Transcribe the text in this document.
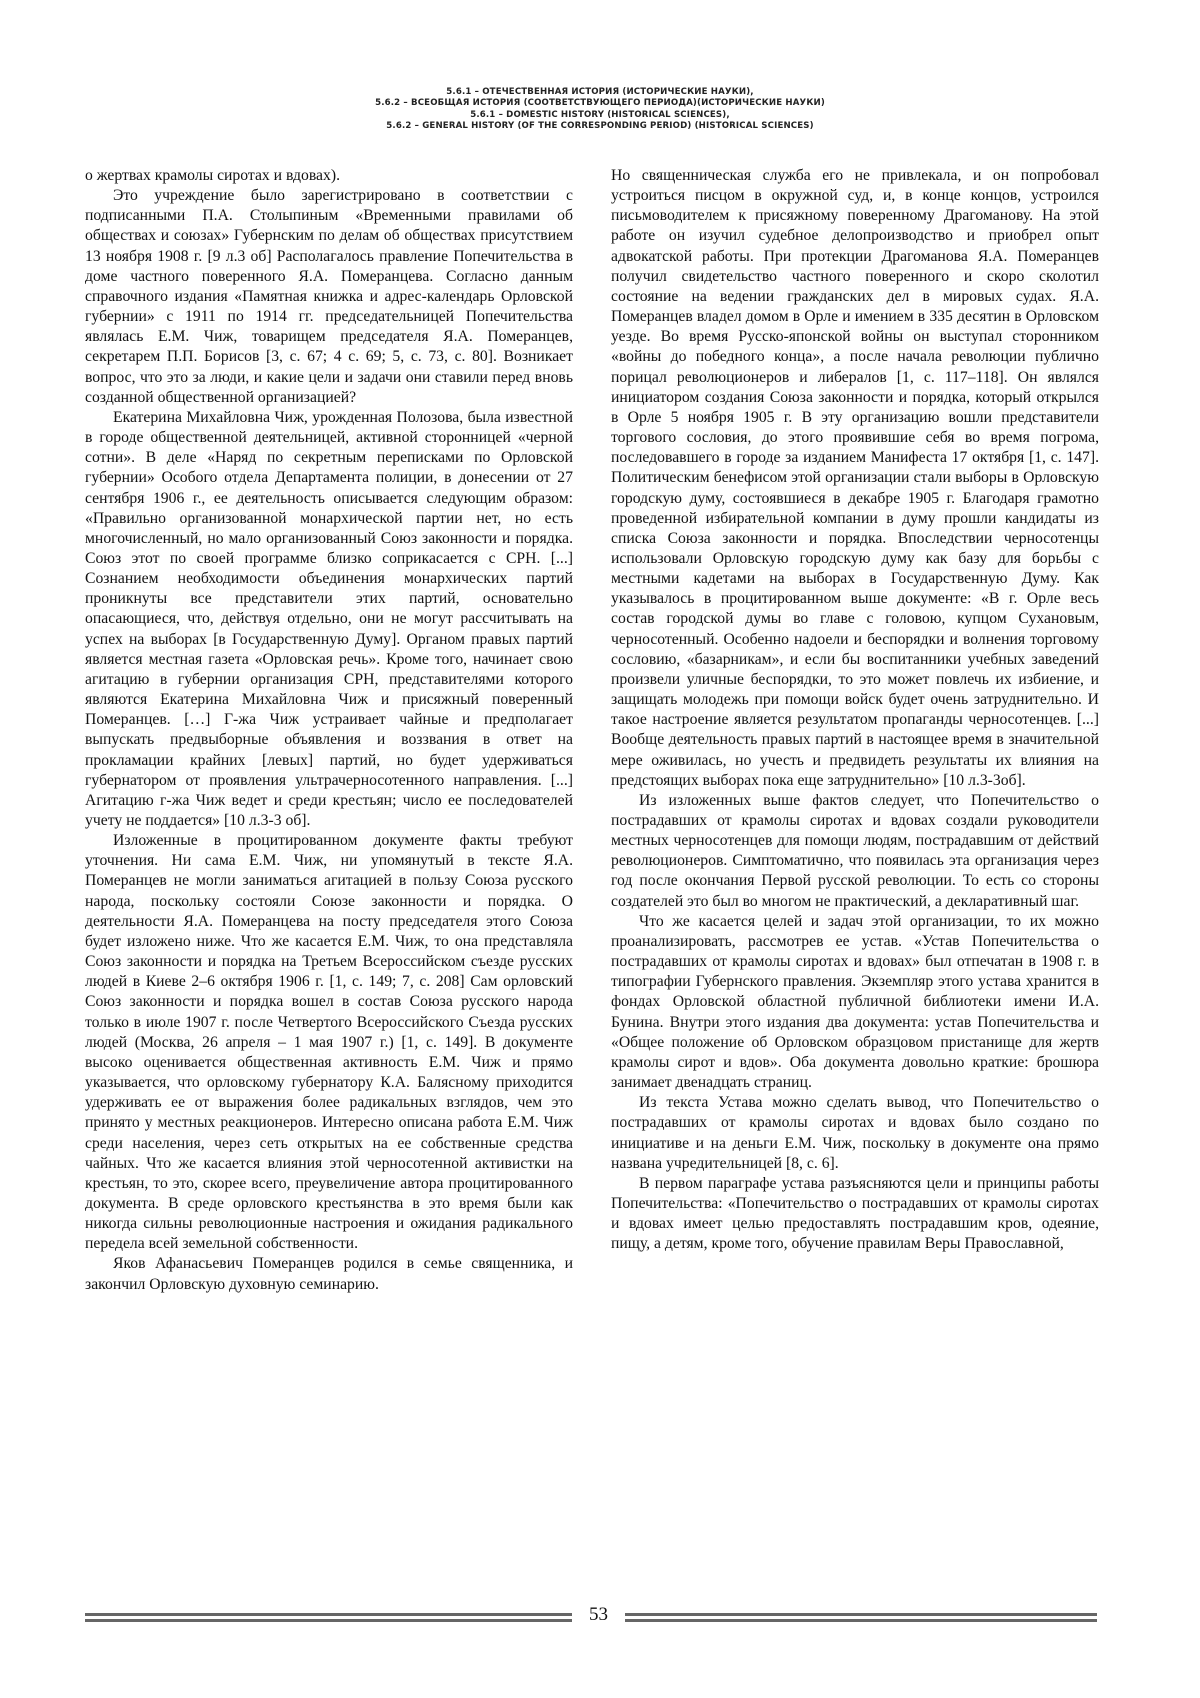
5.6.1 – ОТЕЧЕСТВЕННАЯ ИСТОРИЯ (ИСТОРИЧЕСКИЕ НАУКИ),
5.6.2 – ВСЕОБЩАЯ ИСТОРИЯ (СООТВЕТСТВУЮЩЕГО ПЕРИОДА)(ИСТОРИЧЕСКИЕ НАУКИ)
5.6.1 – DOMESTIC HISTORY (HISTORICAL SCIENCES),
5.6.2 – GENERAL HISTORY (OF THE CORRESPONDING PERIOD) (HISTORICAL SCIENCES)

о жертвах крамолы сиротах и вдовах).

Это учреждение было зарегистрировано в соответствии с подписанными П.А. Столыпиным «Временными правилами об обществах и союзах» Губернским по делам об обществах присутствием 13 ноября 1908 г. [9 л.3 об] Располагалось правление Попечительства в доме частного поверенного Я.А. Померанцева. Согласно данным справочного издания «Памятная книжка и адрес-календарь Орловской губернии» с 1911 по 1914 гг. председательницей Попечительства являлась Е.М. Чиж, товарищем председателя Я.А. Померанцев, секретарем П.П. Борисов [3, с. 67; 4 с. 69; 5, с. 73, с. 80]. Возникает вопрос, что это за люди, и какие цели и задачи они ставили перед вновь созданной общественной организацией?

Екатерина Михайловна Чиж, урожденная Полозова, была известной в городе общественной деятельницей, активной сторонницей «черной сотни». В деле «Наряд по секретным переписками по Орловской губернии» Особого отдела Департамента полиции, в донесении от 27 сентября 1906 г., ее деятельность описывается следующим образом: «Правильно организованной монархической партии нет, но есть многочисленный, но мало организованный Союз законности и порядка. Союз этот по своей программе близко соприкасается с СРН. [...] Сознанием необходимости объединения монархических партий проникнуты все представители этих партий, основательно опасающиеся, что, действуя отдельно, они не могут рассчитывать на успех на выборах [в Государственную Думу]. Органом правых партий является местная газета «Орловская речь». Кроме того, начинает свою агитацию в губернии организация СРН, представителями которого являются Екатерина Михайловна Чиж и присяжный поверенный Померанцев. […] Г-жа Чиж устраивает чайные и предполагает выпускать предвыборные объявления и воззвания в ответ на прокламации крайних [левых] партий, но будет удерживаться губернатором от проявления ультрачерносотенного направления. [...] Агитацию г-жа Чиж ведет и среди крестьян; число ее последователей учету не поддается» [10 л.3-3 об].

Изложенные в процитированном документе факты требуют уточнения. Ни сама Е.М. Чиж, ни упомянутый в тексте Я.А. Померанцев не могли заниматься агитацией в пользу Союза русского народа, поскольку состояли Союзе законности и порядка. О деятельности Я.А. Померанцева на посту председателя этого Союза будет изложено ниже. Что же касается Е.М. Чиж, то она представляла Союз законности и порядка на Третьем Всероссийском съезде русских людей в Киеве 2–6 октября 1906 г. [1, с. 149; 7, с. 208] Сам орловский Союз законности и порядка вошел в состав Союза русского народа только в июле 1907 г. после Четвертого Всероссийского Съезда русских людей (Москва, 26 апреля – 1 мая 1907 г.) [1, с. 149]. В документе высоко оценивается общественная активность Е.М. Чиж и прямо указывается, что орловскому губернатору К.А. Балясному приходится удерживать ее от выражения более радикальных взглядов, чем это принято у местных реакционеров. Интересно описана работа Е.М. Чиж среди населения, через сеть открытых на ее собственные средства чайных. Что же касается влияния этой черносотенной активистки на крестьян, то это, скорее всего, преувеличение автора процитированного документа. В среде орловского крестьянства в это время были как никогда сильны революционные настроения и ожидания радикального передела всей земельной собственности.

Яков Афанасьевич Померанцев родился в семье священника, и закончил Орловскую духовную семинарию.

Но священническая служба его не привлекала, и он попробовал устроиться писцом в окружной суд, и, в конце концов, устроился письмоводителем к присяжному поверенному Драгоманову. На этой работе он изучил судебное делопроизводство и приобрел опыт адвокатской работы. При протекции Драгоманова Я.А. Померанцев получил свидетельство частного поверенного и скоро сколотил состояние на ведении гражданских дел в мировых судах. Я.А. Померанцев владел домом в Орле и имением в 335 десятин в Орловском уезде. Во время Русско-японской войны он выступал сторонником «войны до победного конца», а после начала революции публично порицал революционеров и либералов [1, с. 117–118]. Он являлся инициатором создания Союза законности и порядка, который открылся в Орле 5 ноября 1905 г. В эту организацию вошли представители торгового сословия, до этого проявившие себя во время погрома, последовавшего в городе за изданием Манифеста 17 октября [1, с. 147]. Политическим бенефисом этой организации стали выборы в Орловскую городскую думу, состоявшиеся в декабре 1905 г. Благодаря грамотно проведенной избирательной компании в думу прошли кандидаты из списка Союза законности и порядка. Впоследствии черносотенцы использовали Орловскую городскую думу как базу для борьбы с местными кадетами на выборах в Государственную Думу. Как указывалось в процитированном выше документе: «В г. Орле весь состав городской думы во главе с головою, купцом Сухановым, черносотенный. Особенно надоели и беспорядки и волнения торговому сословию, «базарникам», и если бы воспитанники учебных заведений произвели уличные беспорядки, то это может повлечь их избиение, и защищать молодежь при помощи войск будет очень затруднительно. И такое настроение является результатом пропаганды черносотенцев. [...] Вообще деятельность правых партий в настоящее время в значительной мере оживилась, но учесть и предвидеть результаты их влияния на предстоящих выборах пока еще затруднительно» [10 л.3-3об].

Из изложенных выше фактов следует, что Попечительство о пострадавших от крамолы сиротах и вдовах создали руководители местных черносотенцев для помощи людям, пострадавшим от действий революционеров. Симптоматично, что появилась эта организация через год после окончания Первой русской революции. То есть со стороны создателей это был во многом не практический, а декларативный шаг.

Что же касается целей и задач этой организации, то их можно проанализировать, рассмотрев ее устав. «Устав Попечительства о пострадавших от крамолы сиротах и вдовах» был отпечатан в 1908 г. в типографии Губернского правления. Экземпляр этого устава хранится в фондах Орловской областной публичной библиотеки имени И.А. Бунина. Внутри этого издания два документа: устав Попечительства и «Общее положение об Орловском образцовом пристанище для жертв крамолы сирот и вдов». Оба документа довольно краткие: брошюра занимает двенадцать страниц.

Из текста Устава можно сделать вывод, что Попечительство о пострадавших от крамолы сиротах и вдовах было создано по инициативе и на деньги Е.М. Чиж, поскольку в документе она прямо названа учредительницей [8, с. 6].

В первом параграфе устава разъясняются цели и принципы работы Попечительства: «Попечительство о пострадавших от крамолы сиротах и вдовах имеет целью предоставлять пострадавшим кров, одеяние, пищу, а детям, кроме того, обучение правилам Веры Православной,

53
